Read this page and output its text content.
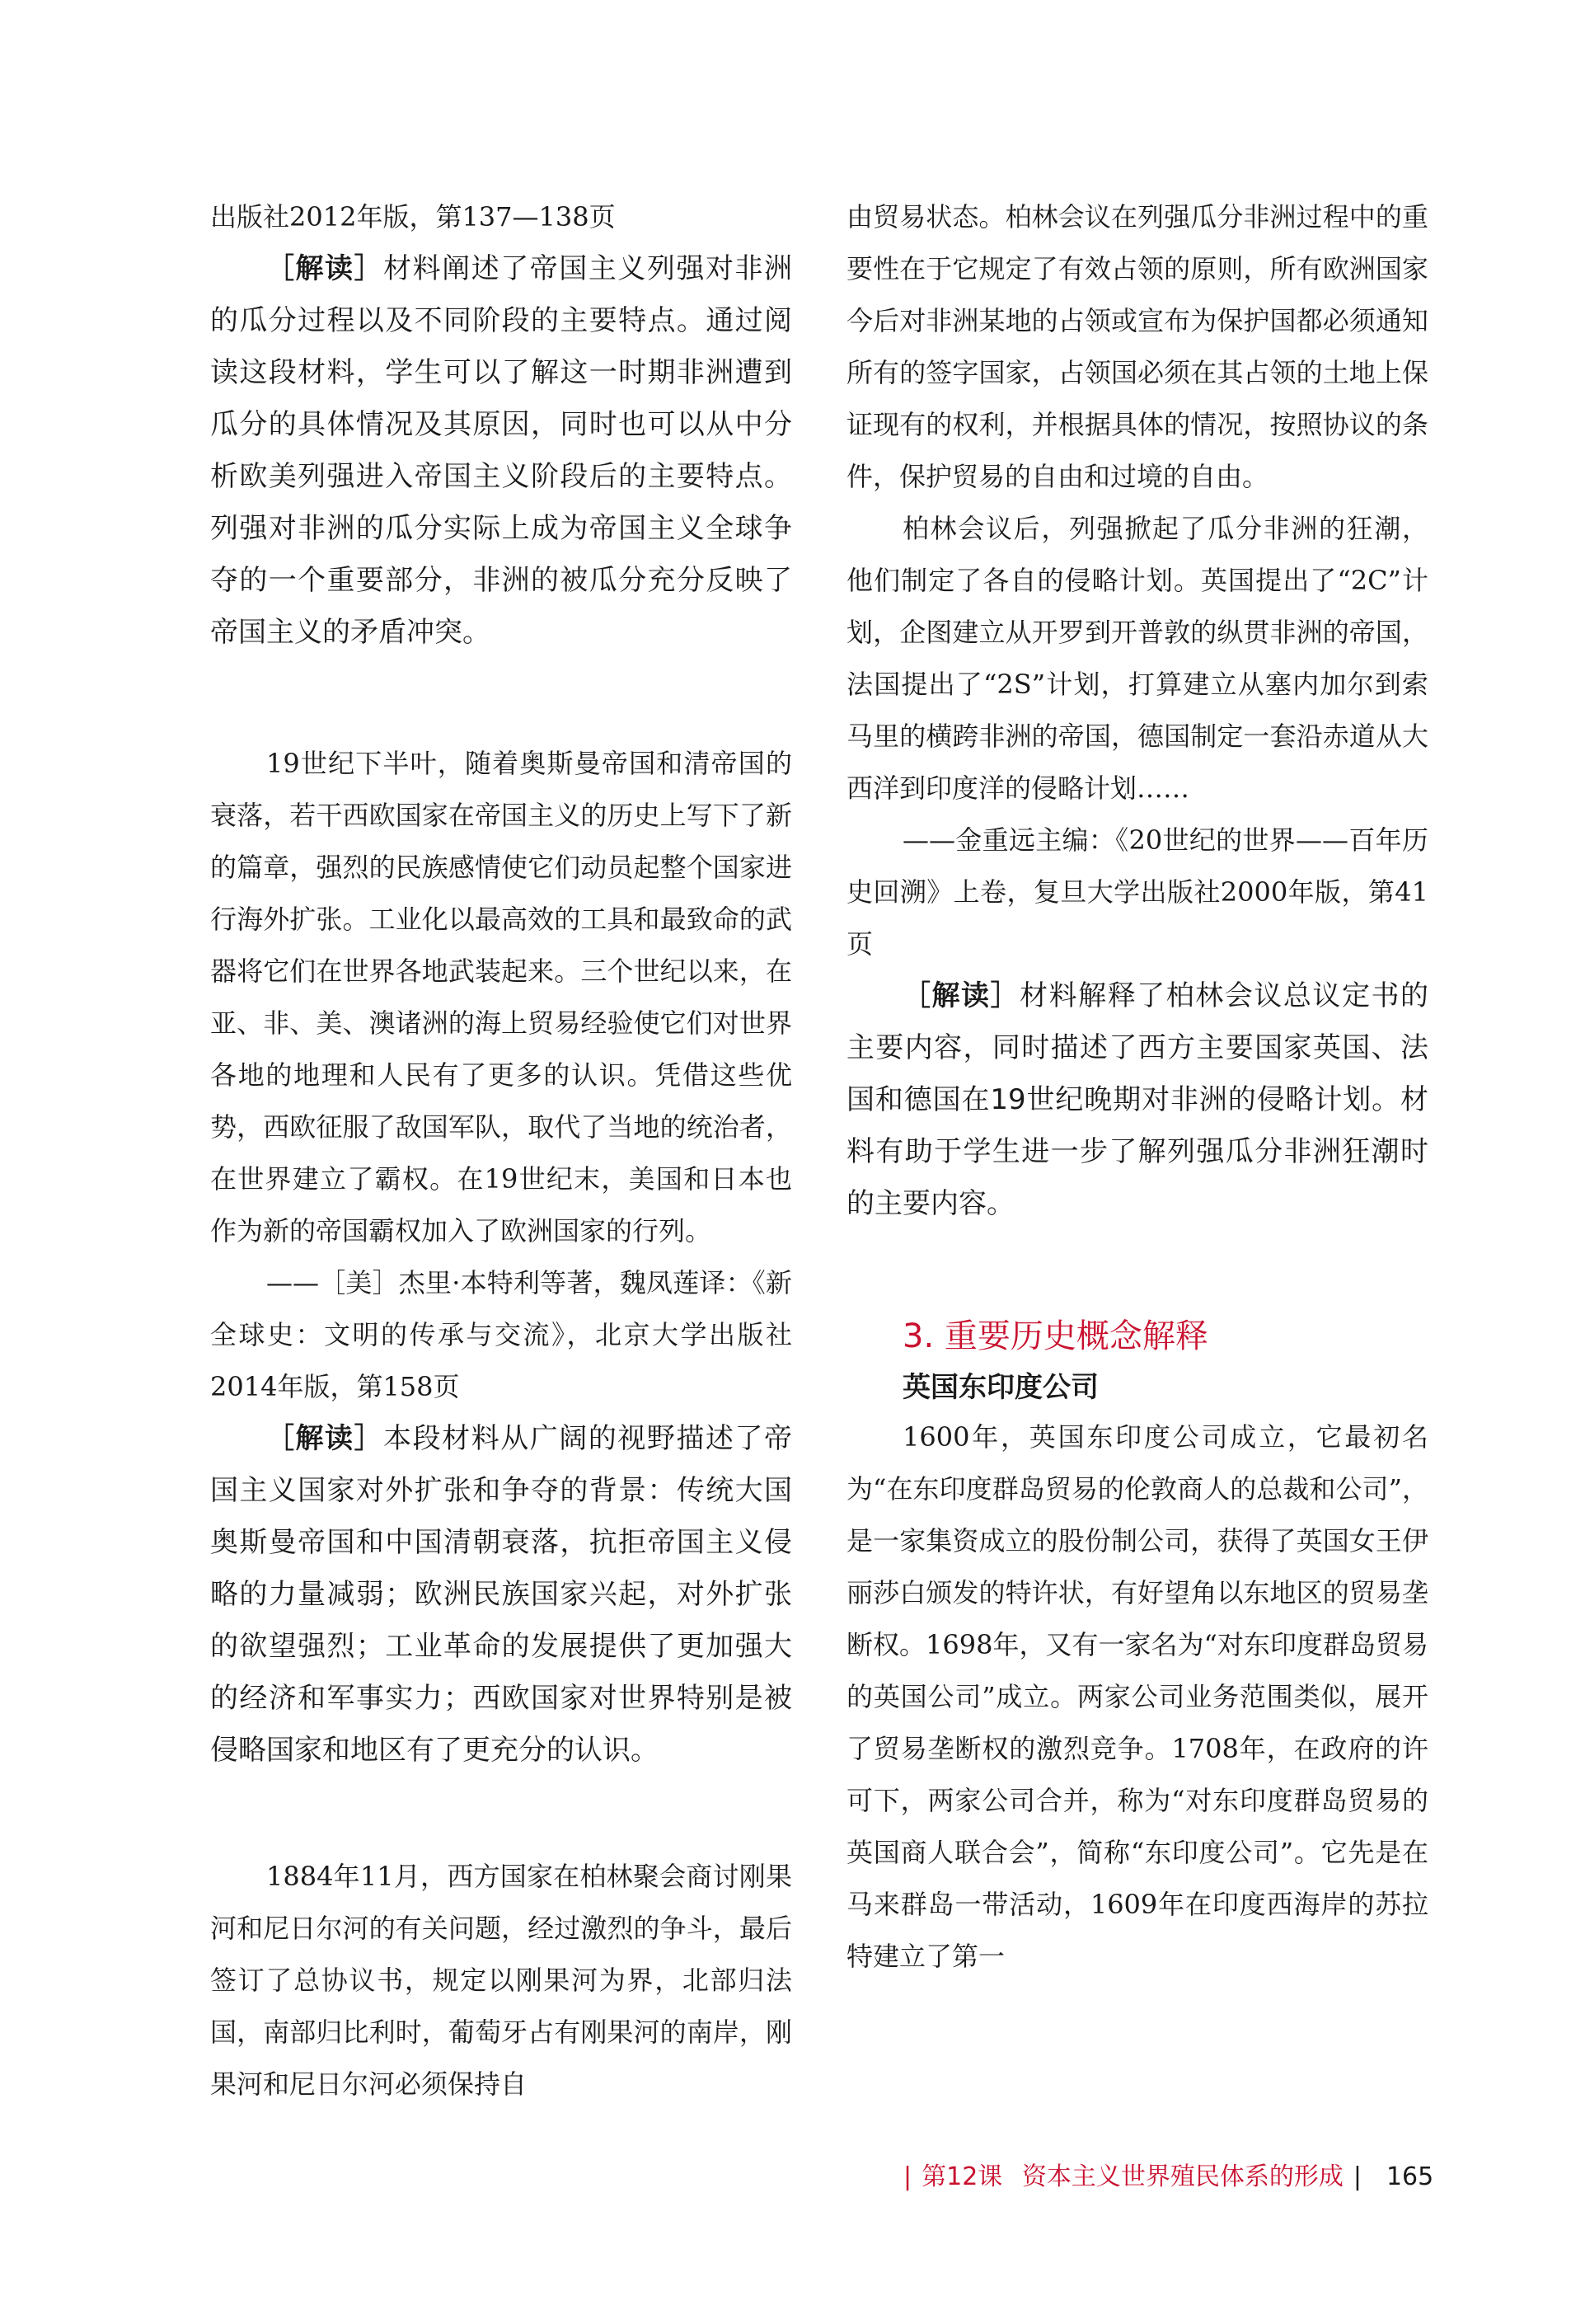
出版社2012年版，第137—138页

［解读］材料阐述了帝国主义列强对非洲的瓜分过程以及不同阶段的主要特点。通过阅读这段材料，学生可以了解这一时期非洲遭到瓜分的具体情况及其原因，同时也可以从中分析欧美列强进入帝国主义阶段后的主要特点。列强对非洲的瓜分实际上成为帝国主义全球争夺的一个重要部分，非洲的被瓜分充分反映了帝国主义的矛盾冲突。

19世纪下半叶，随着奥斯曼帝国和清帝国的衰落，若干西欧国家在帝国主义的历史上写下了新的篇章，强烈的民族感情使它们动员起整个国家进行海外扩张。工业化以最高效的工具和最致命的武器将它们在世界各地武装起来。三个世纪以来，在亚、非、美、澳诸洲的海上贸易经验使它们对世界各地的地理和人民有了更多的认识。凭借这些优势，西欧征服了敌国军队，取代了当地的统治者，在世界建立了霸权。在19世纪末，美国和日本也作为新的帝国霸权加入了欧洲国家的行列。

——［美］杰里·本特利等著，魏凤莲译：《新全球史：文明的传承与交流》，北京大学出版社2014年版，第158页

［解读］本段材料从广阔的视野描述了帝国主义国家对外扩张和争夺的背景：传统大国奥斯曼帝国和中国清朝衰落，抗拒帝国主义侵略的力量减弱；欧洲民族国家兴起，对外扩张的欲望强烈；工业革命的发展提供了更加强大的经济和军事实力；西欧国家对世界特别是被侵略国家和地区有了更充分的认识。

1884年11月，西方国家在柏林聚会商讨刚果河和尼日尔河的有关问题，经过激烈的争斗，最后签订了总协议书，规定以刚果河为界，北部归法国，南部归比利时，葡萄牙占有刚果河的南岸，刚果河和尼日尔河必须保持自

由贸易状态。柏林会议在列强瓜分非洲过程中的重要性在于它规定了有效占领的原则，所有欧洲国家今后对非洲某地的占领或宣布为保护国都必须通知所有的签字国家，占领国必须在其占领的土地上保证现有的权利，并根据具体的情况，按照协议的条件，保护贸易的自由和过境的自由。

柏林会议后，列强掀起了瓜分非洲的狂潮，他们制定了各自的侵略计划。英国提出了“2C”计划，企图建立从开罗到开普敦的纵贯非洲的帝国，法国提出了“2S”计划，打算建立从塞内加尔到索马里的横跨非洲的帝国，德国制定一套沿赤道从大西洋到印度洋的侵略计划……

——金重远主编：《20世纪的世界——百年历史回溯》上卷，复旦大学出版社2000年版，第41页

［解读］材料解释了柏林会议总议定书的主要内容，同时描述了西方主要国家英国、法国和德国在19世纪晚期对非洲的侵略计划。材料有助于学生进一步了解列强瓜分非洲狂潮时的主要内容。

3. 重要历史概念解释
英国东印度公司

1600年，英国东印度公司成立，它最初名为“在东印度群岛贸易的伦敦商人的总裁和公司”，是一家集资成立的股份制公司，获得了英国女王伊丽莎白颁发的特许状，有好望角以东地区的贸易垄断权。1698年，又有一家名为“对东印度群岛贸易的英国公司”成立。两家公司业务范围类似，展开了贸易垄断权的激烈竞争。1708年，在政府的许可下，两家公司合并，称为“对东印度群岛贸易的英国商人联合会”，简称“东印度公司”。它先是在马来群岛一带活动，1609年在印度西海岸的苏拉特建立了第一

| 第12课 资本主义世界殖民体系的形成 | 165
